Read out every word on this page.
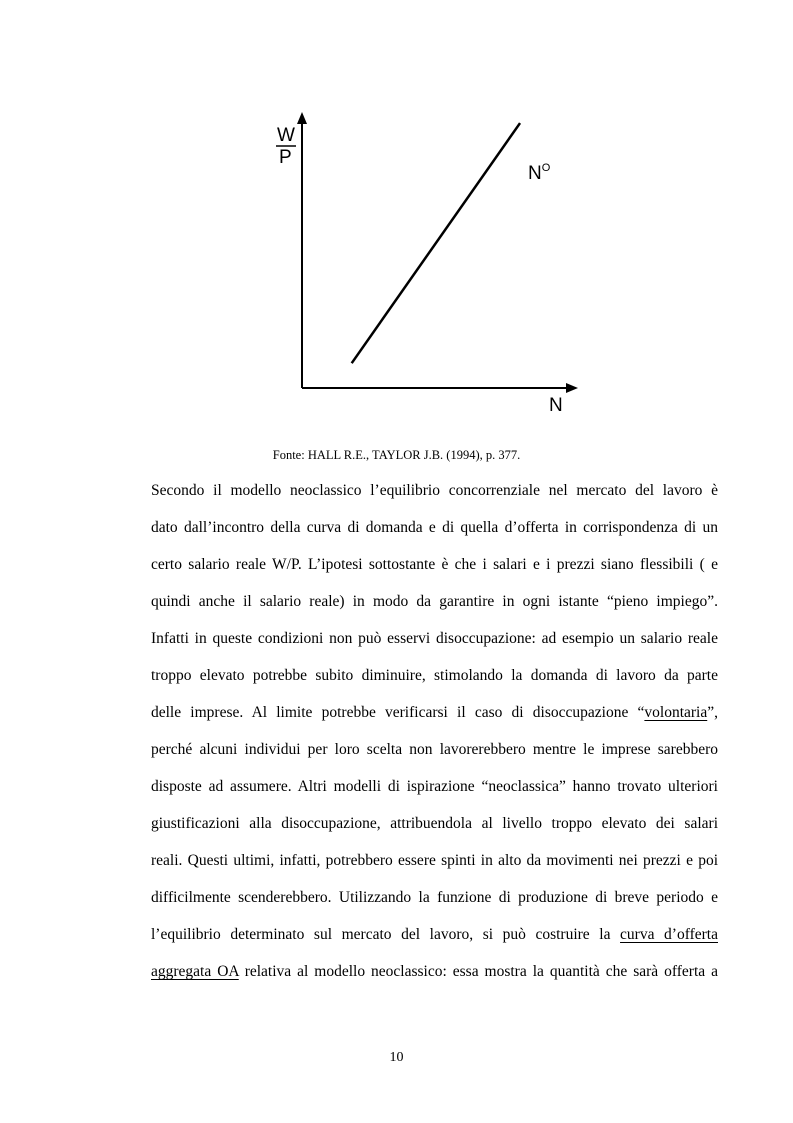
W
P
N
$N^O$
Fonte: HALL R.E., TAYLOR J.B. (1994), p. 377.

Secondo il modello neoclassico l’equilibrio concorrenziale nel mercato del lavoro è
dato dall’incontro della curva di domanda e di quella d’offerta in corrispondenza di un
certo salario reale W/P. L’ipotesi sottostante è che i salari e i prezzi siano flessibili ( e
quindi anche il salario reale) in modo da garantire in ogni istante “pieno impiego”.
Infatti in queste condizioni non può esservi disoccupazione: ad esempio un salario reale
troppo elevato potrebbe subito diminuire, stimolando la domanda di lavoro da parte
delle imprese. Al limite potrebbe verificarsi il caso di disoccupazione “volontaria”,
perché alcuni individui per loro scelta non lavorerebbero mentre le imprese sarebbero
disposte ad assumere. Altri modelli di ispirazione “neoclassica” hanno trovato ulteriori
giustificazioni alla disoccupazione, attribuendola al livello troppo elevato dei salari
reali. Questi ultimi, infatti, potrebbero essere spinti in alto da movimenti nei prezzi e poi
difficilmente scenderebbero. Utilizzando la funzione di produzione di breve periodo e
l’equilibrio determinato sul mercato del lavoro, si può costruire la curva d’offerta
aggregata OA relativa al modello neoclassico: essa mostra la quantità che sarà offerta a

10
